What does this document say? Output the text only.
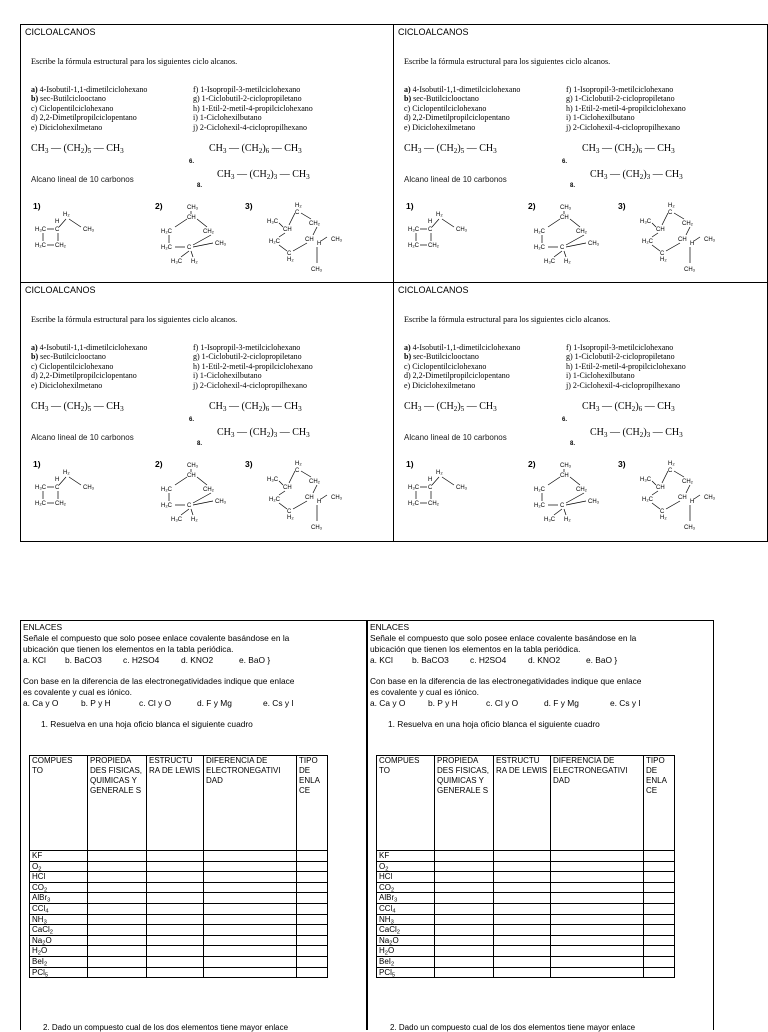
CICLOALCANOS
Escribe la fórmula estructural para los siguientes ciclo alcanos.
a) 4-Isobutil-1,1-dimetilciclohexano
b) sec-Butilciclooctano
c) Ciclopentilciclohexano
d) 2,2-Dimetilpropilciclopentano
e) Diciclohexilmetano
f) 1-Isopropil-3-metilciclohexano
g) 1-Ciclobutil-2-ciclopropiletano
h) 1-Etil-2-metil-4-propilciclohexano
i) 1-Ciclohexilbutano
j) 2-Ciclohexil-4-ciclopropilhexano
$CH_3$ — $(CH_2)_5$ — $CH_3$
6.
$CH_3$ — $(CH_2)_6$ — $CH_3$
Alcano lineal de 10 carbonos
8.
$CH_3$ — $(CH_2)_3$ — $CH_3$
1)	2)	3)
H₂
H₃C
H
C	CH₃
H₂C CH₂
CH₃
CH
H₂C	CH₂
H₂C	C
CH₃
H₃C H₂
H₂
C
H₃C
CH
CH₂
H₂C	CH
H
CH₃
C
H₂
CH₃
CICLOALCANOS
Escribe la fórmula estructural para los siguientes ciclo alcanos.
a) 4-Isobutil-1,1-dimetilciclohexano
b) sec-Butilciclooctano
c) Ciclopentilciclohexano
d) 2,2-Dimetilpropilciclopentano
e) Diciclohexilmetano
f) 1-Isopropil-3-metilciclohexano
g) 1-Ciclobutil-2-ciclopropiletano
h) 1-Etil-2-metil-4-propilciclohexano
i) 1-Ciclohexilbutano
j) 2-Ciclohexil-4-ciclopropilhexano
$CH_3$ — $(CH_2)_5$ — $CH_3$
6.
$CH_3$ — $(CH_2)_6$ — $CH_3$
Alcano lineal de 10 carbonos
8.
$CH_3$ — $(CH_2)_3$ — $CH_3$
1)	2)	3)
H₂
H₃C
H
C	CH₃
H₂C CH₂
CH₃
CH
H₂C	CH₂
H₂C	C
CH₃
H₃C H₂
H₂
C
H₃C
CH
CH₂
H₂C	CH
H
CH₃
C
H₂
CH₃
CICLOALCANOS
Escribe la fórmula estructural para los siguientes ciclo alcanos.
a) 4-Isobutil-1,1-dimetilciclohexano
b) sec-Butilciclooctano
c) Ciclopentilciclohexano
d) 2,2-Dimetilpropilciclopentano
e) Diciclohexilmetano
f) 1-Isopropil-3-metilciclohexano
g) 1-Ciclobutil-2-ciclopropiletano
h) 1-Etil-2-metil-4-propilciclohexano
i) 1-Ciclohexilbutano
j) 2-Ciclohexil-4-ciclopropilhexano
$CH_3$ — $(CH_2)_5$ — $CH_3$
6.
$CH_3$ — $(CH_2)_6$ — $CH_3$
Alcano lineal de 10 carbonos
8.
$CH_3$ — $(CH_2)_3$ — $CH_3$
1)	2)	3)
H₂
H₃C
H
C	CH₃
H₂C CH₂
CH₃
CH
H₂C	CH₂
H₂C	C
CH₃
H₃C H₂
H₂
C
H₃C
CH
CH₂
H₂C	CH
H
CH₃
C
H₂
CH₃
CICLOALCANOS
Escribe la fórmula estructural para los siguientes ciclo alcanos.
a) 4-Isobutil-1,1-dimetilciclohexano
b) sec-Butilciclooctano
c) Ciclopentilciclohexano
d) 2,2-Dimetilpropilciclopentano
e) Diciclohexilmetano
f) 1-Isopropil-3-metilciclohexano
g) 1-Ciclobutil-2-ciclopropiletano
h) 1-Etil-2-metil-4-propilciclohexano
i) 1-Ciclohexilbutano
j) 2-Ciclohexil-4-ciclopropilhexano
$CH_3$ — $(CH_2)_5$ — $CH_3$
6.
$CH_3$ — $(CH_2)_6$ — $CH_3$
Alcano lineal de 10 carbonos
8.
$CH_3$ — $(CH_2)_3$ — $CH_3$
1)	2)	3)
H₂
H₃C
H
C	CH₃
H₂C CH₂
CH₃
CH
H₂C	CH₂
H₂C	C
CH₃
H₃C H₂
H₂
C
H₃C
CH
CH₂
H₂C	CH
H
CH₃
C
H₂
CH₃
ENLACES
Señale el compuesto que solo posee enlace covalente basándose en la
ubicación que tienen los elementos en la tabla periódica.
a. KCl b. BaCO3	c. H2SO4	d. KNO2	e. BaO }
Con base en la diferencia de las electronegatividades indique que enlace
es covalente y cual es iónico.
a. Ca y O	b. P y H	c. Cl y O	d. F y Mg	e. Cs y I
1. Resuelva en una hoja oficio blanca el siguiente cuadro
COMPUES TO	PROPIEDA DES FISICAS, QUIMICAS Y GENERALE S	ESTRUCTU RA DE LEWIS	DIFERENCIA DE ELECTRONEGATIVI DAD	TIPO DE ENLA CE
KF				
$O_2$				
HCl				
$CO_2$				
AlBr$_3$				
CCl$_4$				
$NH_3$				
CaCl$_2$				
$Na_2O$				
$H_2O$				
BeI$_2$				
PCl$_5$				
2. Dado un compuesto cual de los dos elementos tiene mayor enlace
ENLACES
Señale el compuesto que solo posee enlace covalente basándose en la
ubicación que tienen los elementos en la tabla periódica.
a. KCl b. BaCO3	c. H2SO4	d. KNO2	e. BaO }
Con base en la diferencia de las electronegatividades indique que enlace
es covalente y cual es iónico.
a. Ca y O	b. P y H	c. Cl y O	d. F y Mg	e. Cs y I
1. Resuelva en una hoja oficio blanca el siguiente cuadro
COMPUES TO	PROPIEDA DES FISICAS, QUIMICAS Y GENERALE S	ESTRUCTU RA DE LEWIS	DIFERENCIA DE ELECTRONEGATIVI DAD	TIPO DE ENLA CE
KF				
$O_2$				
HCl				
$CO_2$				
AlBr$_3$				
CCl$_4$				
$NH_3$				
CaCl$_2$				
$Na_2O$				
$H_2O$				
BeI$_2$				
PCl$_5$				
2. Dado un compuesto cual de los dos elementos tiene mayor enlace
